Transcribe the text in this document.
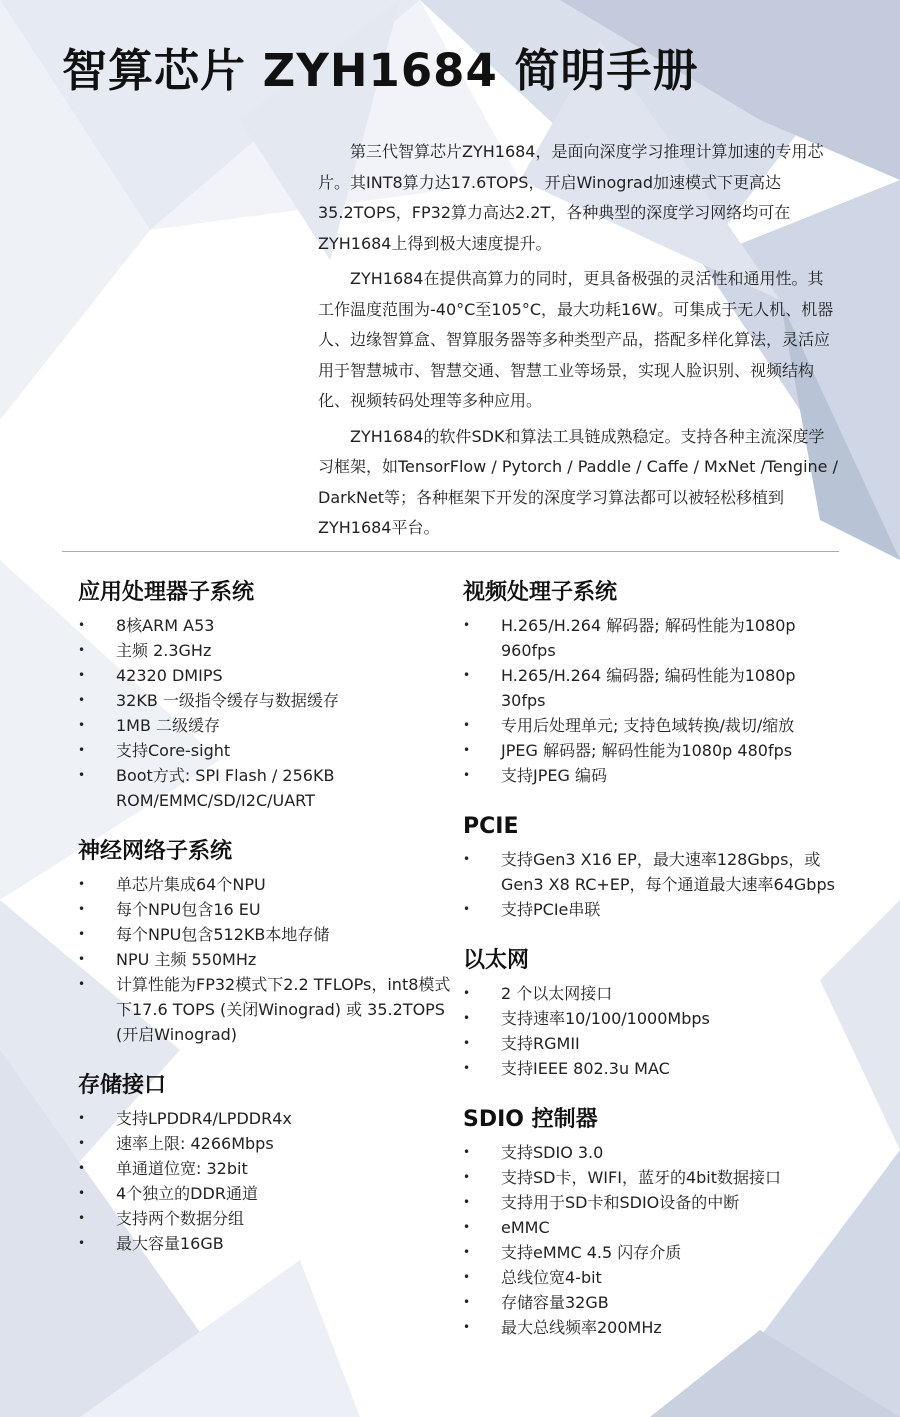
智算芯片 ZYH1684 简明手册

第三代智算芯片ZYH1684，是面向深度学习推理计算加速的专用芯片。其INT8算力达17.6TOPS，开启Winograd加速模式下更高达35.2TOPS，FP32算力高达2.2T，各种典型的深度学习网络均可在ZYH1684上得到极大速度提升。

ZYH1684在提供高算力的同时，更具备极强的灵活性和通用性。其工作温度范围为-40°C至105°C，最大功耗16W。可集成于无人机、机器人、边缘智算盒、智算服务器等多种类型产品，搭配多样化算法，灵活应用于智慧城市、智慧交通、智慧工业等场景，实现人脸识别、视频结构化、视频转码处理等多种应用。

ZYH1684的软件SDK和算法工具链成熟稳定。支持各种主流深度学习框架，如TensorFlow / Pytorch / Paddle / Caffe / MxNet /Tengine / DarkNet等；各种框架下开发的深度学习算法都可以被轻松移植到ZYH1684平台。

应用处理器子系统
• 8核ARM A53
• 主频 2.3GHz
• 42320 DMIPS
• 32KB 一级指令缓存与数据缓存
• 1MB 二级缓存
• 支持Core-sight
• Boot方式: SPI Flash / 256KB ROM/EMMC/SD/I2C/UART
神经网络子系统
• 单芯片集成64个NPU
• 每个NPU包含16 EU
• 每个NPU包含512KB本地存储
• NPU 主频 550MHz
• 计算性能为FP32模式下2.2 TFLOPs，int8模式下17.6 TOPS (关闭Winograd) 或 35.2TOPS (开启Winograd)
存储接口
• 支持LPDDR4/LPDDR4x
• 速率上限: 4266Mbps
• 单通道位宽: 32bit
• 4个独立的DDR通道
• 支持两个数据分组
• 最大容量16GB
视频处理子系统
• H.265/H.264 解码器; 解码性能为1080p 960fps
• H.265/H.264 编码器; 编码性能为1080p 30fps
• 专用后处理单元; 支持色域转换/裁切/缩放
• JPEG 解码器; 解码性能为1080p 480fps
• 支持JPEG 编码
PCIE
• 支持Gen3 X16 EP，最大速率128Gbps，或Gen3 X8 RC+EP，每个通道最大速率64Gbps
• 支持PCIe串联
以太网
• 2 个以太网接口
• 支持速率10/100/1000Mbps
• 支持RGMII
• 支持IEEE 802.3u MAC
SDIO 控制器
• 支持SDIO 3.0
• 支持SD卡，WIFI，蓝牙的4bit数据接口
• 支持用于SD卡和SDIO设备的中断
• eMMC
• 支持eMMC 4.5 闪存介质
• 总线位宽4-bit
• 存储容量32GB
• 最大总线频率200MHz
